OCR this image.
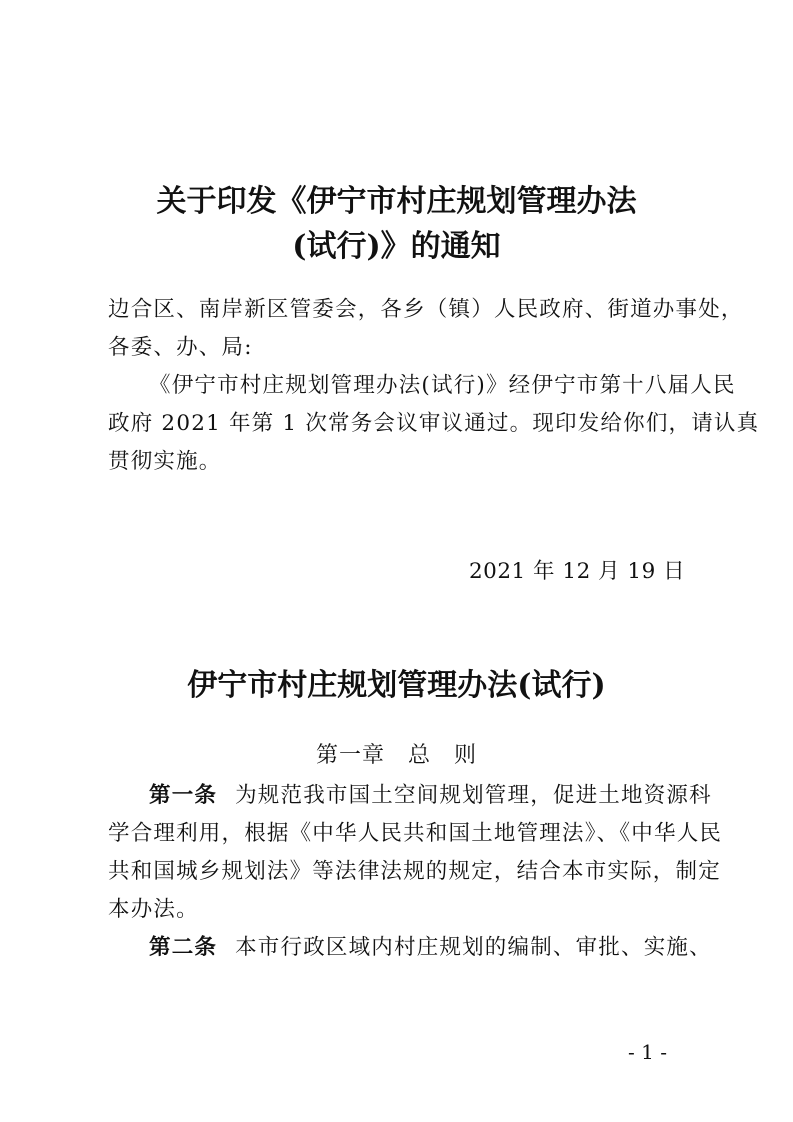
关于印发《伊宁市村庄规划管理办法
(试行)》的通知
边合区、南岸新区管委会，各乡（镇）人民政府、街道办事处，
各委、办、局:
《伊宁市村庄规划管理办法(试行)》经伊宁市第十八届人民
政府 2021 年第 1 次常务会议审议通过。现印发给你们，请认真
贯彻实施。
2021 年 12 月 19 日
伊宁市村庄规划管理办法(试行)
第一章　总　则
第一条 为规范我市国土空间规划管理，促进土地资源科
学合理利用，根据《中华人民共和国土地管理法》、《中华人民
共和国城乡规划法》等法律法规的规定，结合本市实际，制定
本办法。
第二条 本市行政区域内村庄规划的编制、审批、实施、
- 1 -
